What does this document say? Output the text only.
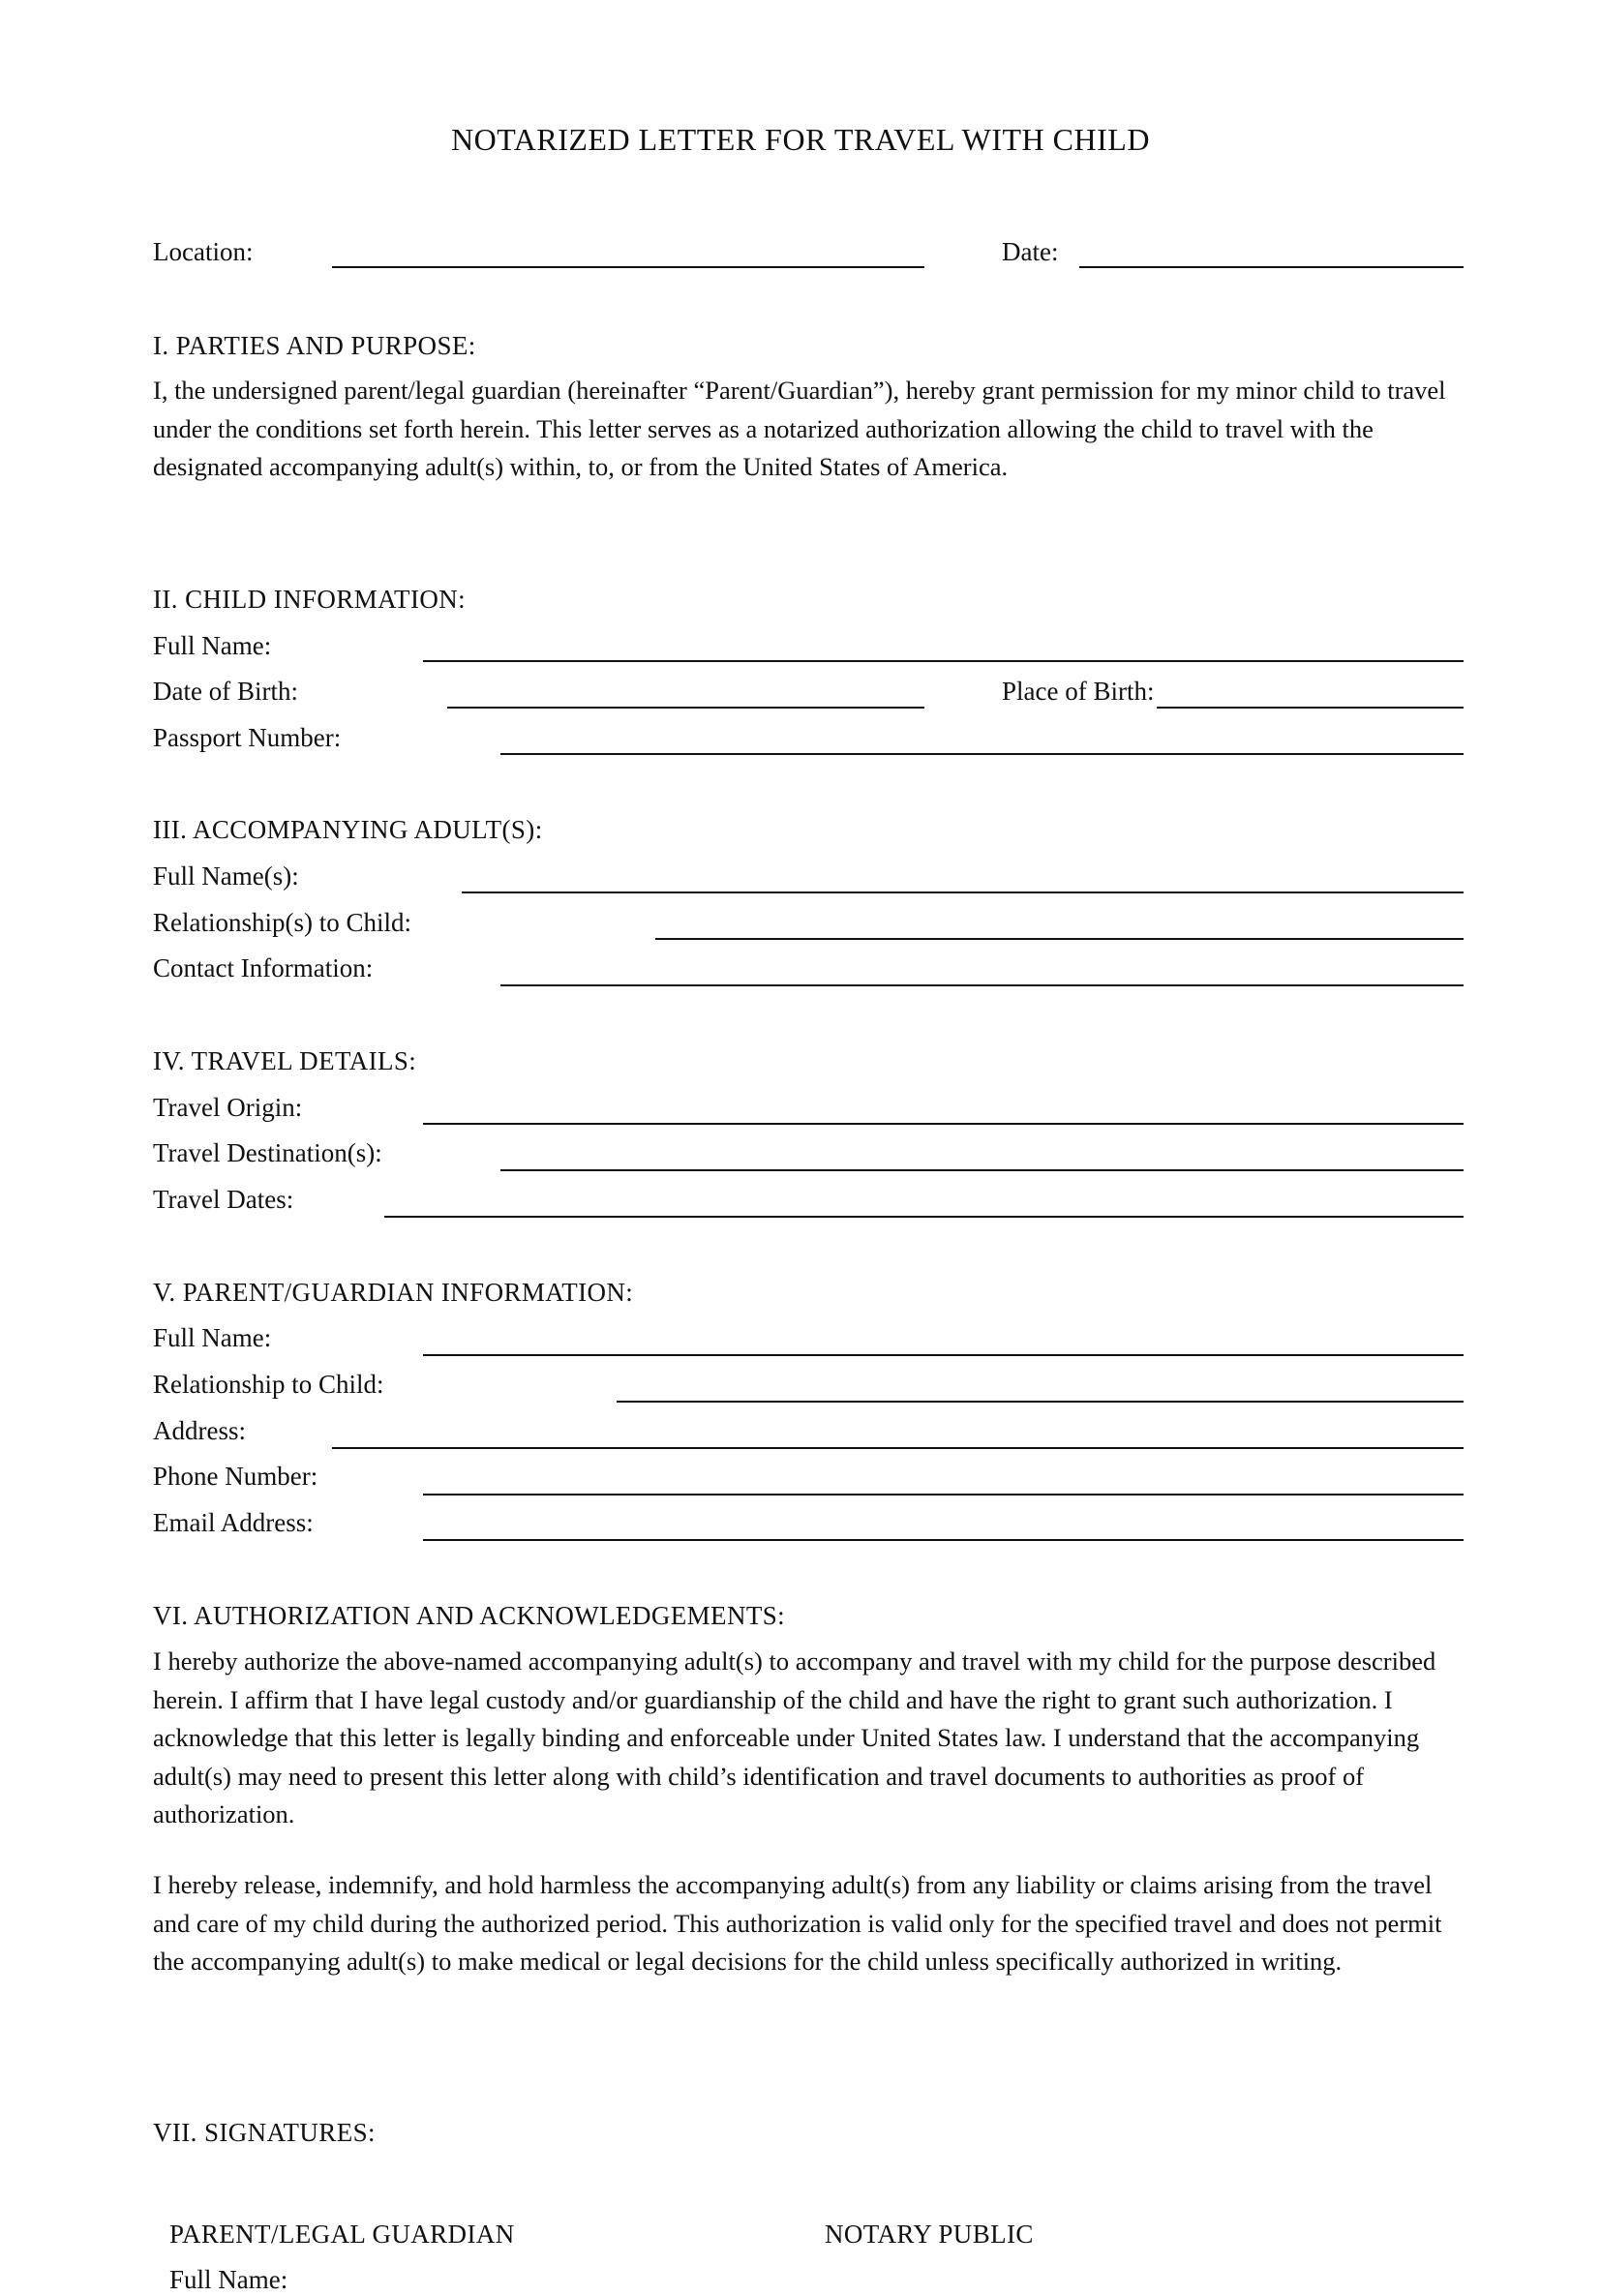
NOTARIZED LETTER FOR TRAVEL WITH CHILD
Location:	Date:
I. PARTIES AND PURPOSE:
I, the undersigned parent/legal guardian (hereinafter “Parent/Guardian”), hereby grant permission for my minor child to travel under the conditions set forth herein. This letter serves as a notarized authorization allowing the child to travel with the designated accompanying adult(s) within, to, or from the United States of America.
II. CHILD INFORMATION:
Full Name:
Date of Birth:	Place of Birth:
Passport Number:
III. ACCOMPANYING ADULT(S):
Full Name(s):
Relationship(s) to Child:
Contact Information:
IV. TRAVEL DETAILS:
Travel Origin:
Travel Destination(s):
Travel Dates:
V. PARENT/GUARDIAN INFORMATION:
Full Name:
Relationship to Child:
Address:
Phone Number:
Email Address:
VI. AUTHORIZATION AND ACKNOWLEDGEMENTS:
I hereby authorize the above-named accompanying adult(s) to accompany and travel with my child for the purpose described herein. I affirm that I have legal custody and/or guardianship of the child and have the right to grant such authorization. I acknowledge that this letter is legally binding and enforceable under United States law. I understand that the accompanying adult(s) may need to present this letter along with child’s identification and travel documents to authorities as proof of authorization.
I hereby release, indemnify, and hold harmless the accompanying adult(s) from any liability or claims arising from the travel and care of my child during the authorized period. This authorization is valid only for the specified travel and does not permit the accompanying adult(s) to make medical or legal decisions for the child unless specifically authorized in writing.
VII. SIGNATURES:
PARENT/LEGAL GUARDIAN	NOTARY PUBLIC
Full Name:
